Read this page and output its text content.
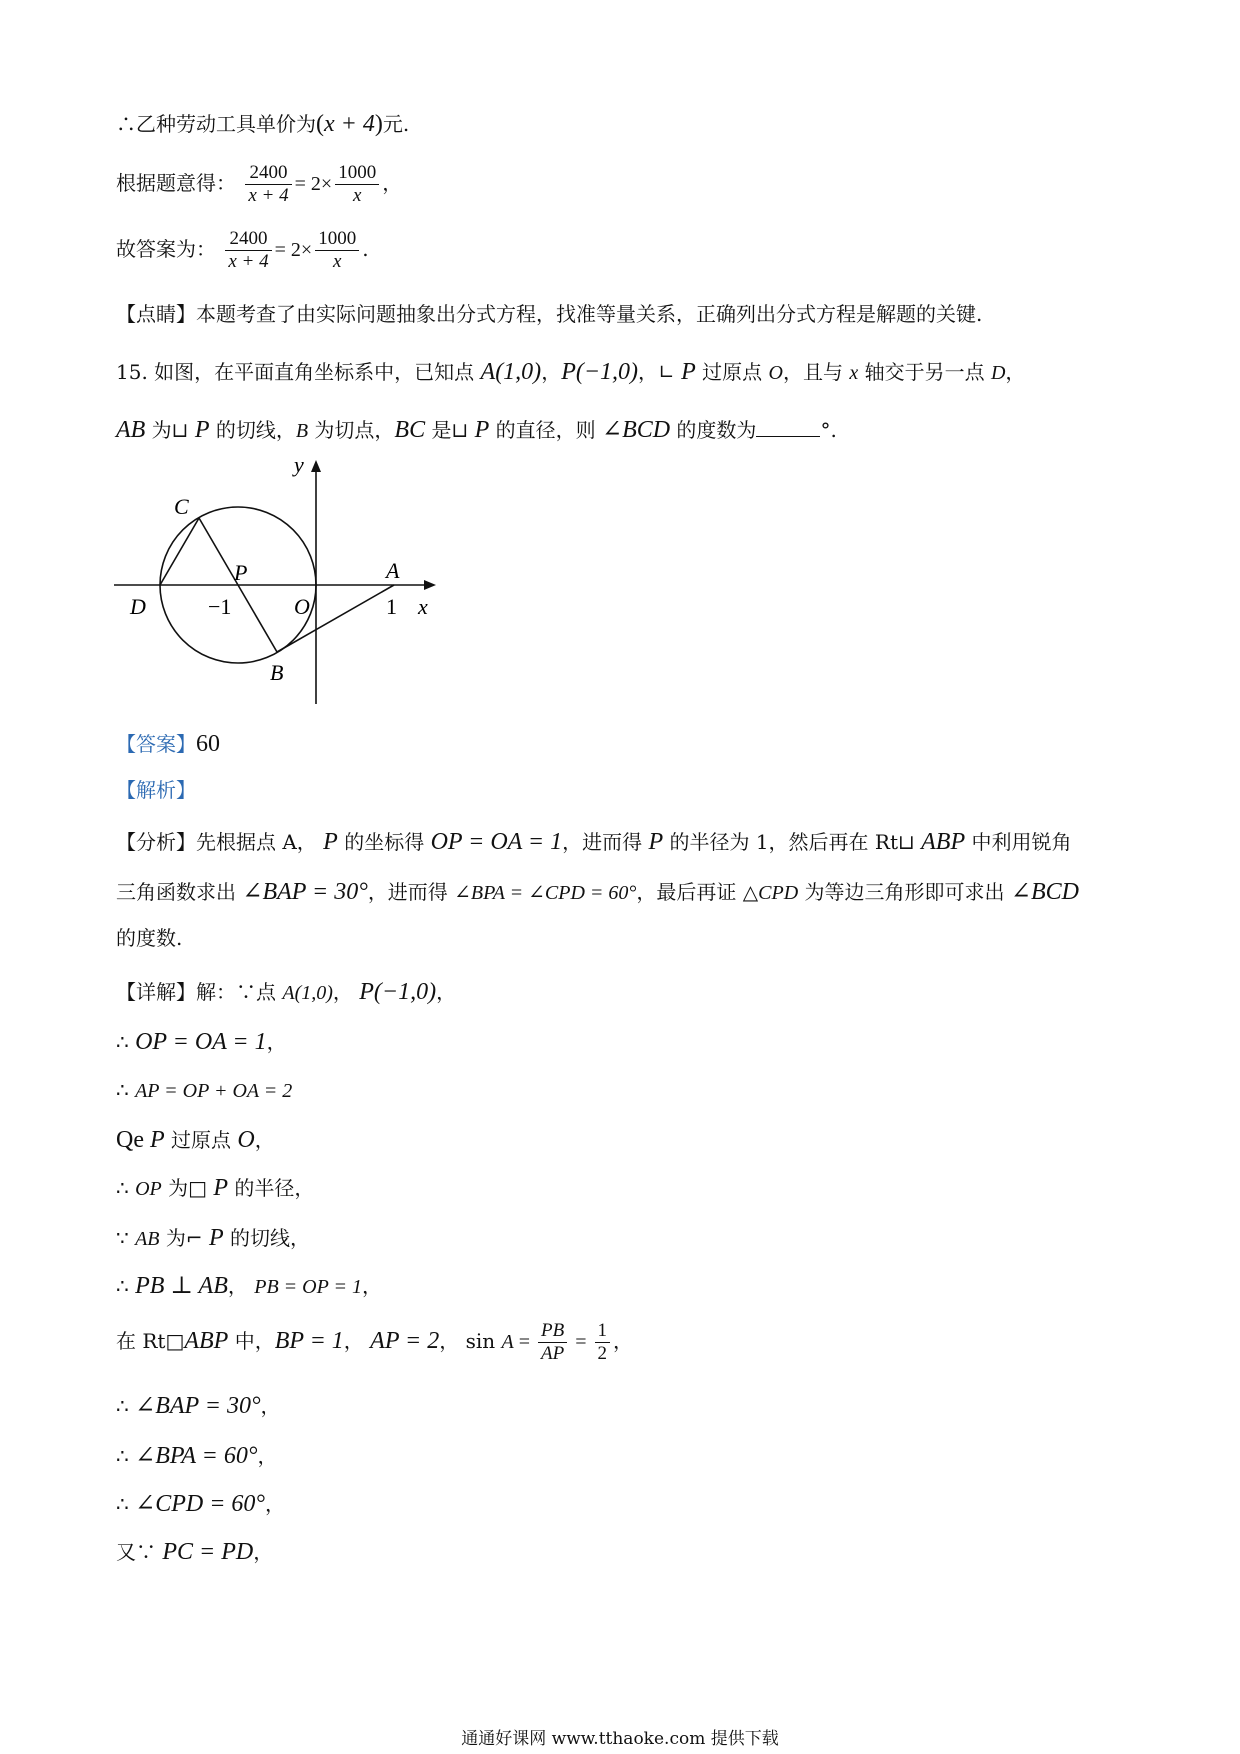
∴乙种劳动工具单价为(x + 4)元.
根据题意得： $\frac{2400}{x + 4} = 2\times \frac{1000}{x}$ ，
故答案为： $\frac{2400}{x + 4} = 2\times \frac{1000}{x}$ .
【点睛】本题考查了由实际问题抽象出分式方程，找准等量关系，正确列出分式方程是解题的关键.
15. 如图，在平面直角坐标系中，已知点 A(1,0)，P(−1,0)，∟ P 过原点 O，且与 x 轴交于另一点 D，
AB 为⊔ P 的切线，B 为切点，BC 是⊔ P 的直径，则 ∠BCD 的度数为	°.
y
x
C
P	A
D	−1	O	1
B
【答案】60
【解析】
【分析】先根据点 A， P 的坐标得 OP = OA = 1，进而得 P 的半径为 1，然后再在 Rt⊔ ABP 中利用锐角
三角函数求出 ∠BAP = 30°，进而得 ∠BPA = ∠CPD = 60°，最后再证 △CPD 为等边三角形即可求出 ∠BCD
的度数.
【详解】解：∵点 A(1,0)， P(−1,0)，
∴ OP = OA = 1，
∴ AP = OP + OA = 2
Qe P 过原点 O，
∴ OP 为□ P 的半径，
∵ AB 为⌐ P 的切线，
∴ PB ⊥ AB， PB = OP = 1，
在 Rt□ABP 中，BP = 1， AP = 2， $\sin A = \frac{PB}{AP} = \frac{1}{2}$ ，
∴ ∠BAP = 30°，
∴ ∠BPA = 60°，
∴ ∠CPD = 60°，
又∵ PC = PD，
通通好课网 www.tthaoke.com 提供下载
